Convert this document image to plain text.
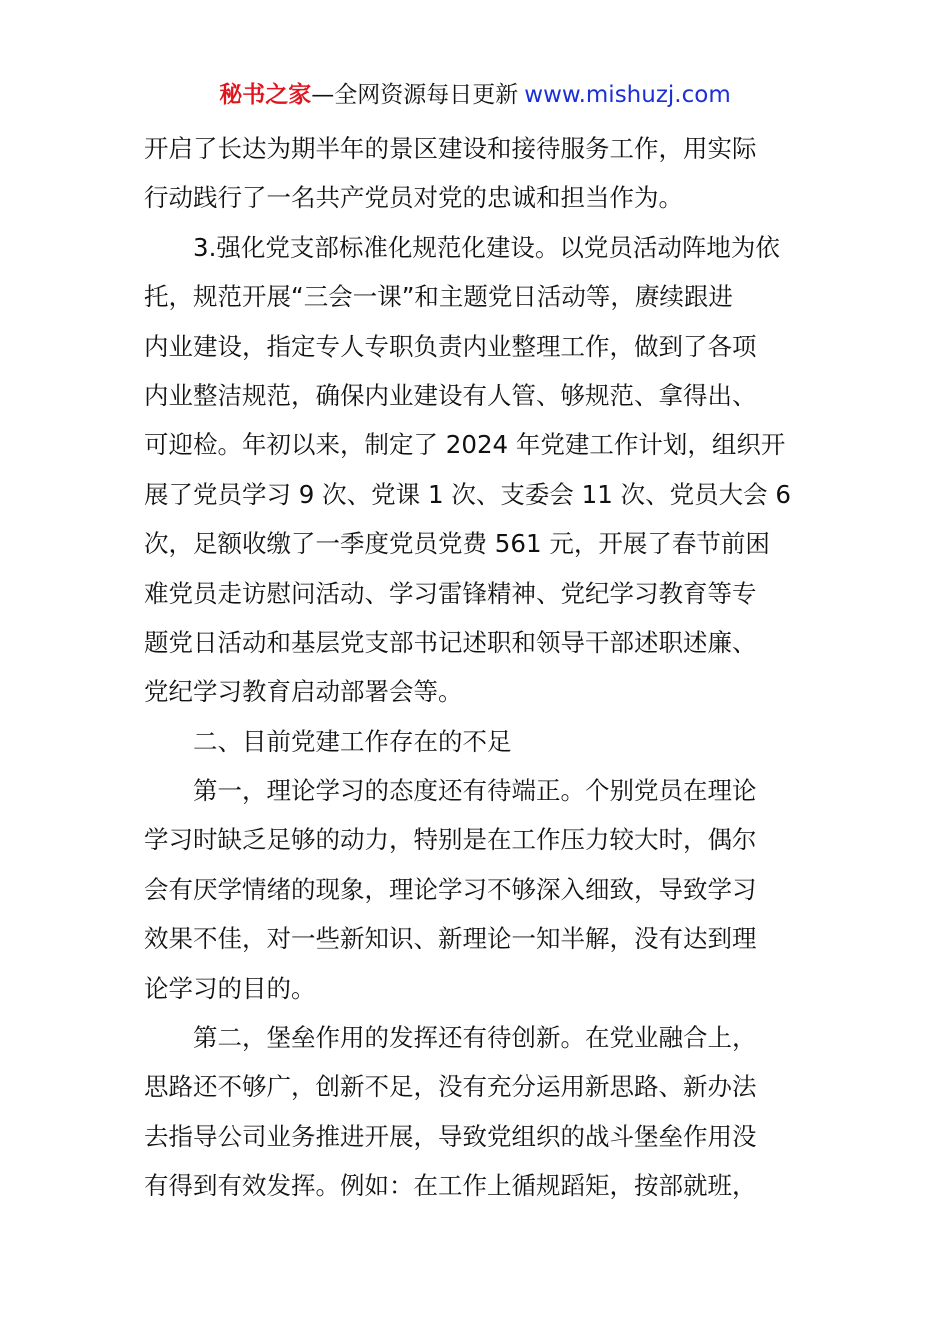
秘书之家—全网资源每日更新 www.mishuzj.com
开启了长达为期半年的景区建设和接待服务工作，用实际
行动践行了一名共产党员对党的忠诚和担当作为。
3.强化党支部标准化规范化建设。以党员活动阵地为依
托，规范开展“三会一课”和主题党日活动等，赓续跟进
内业建设，指定专人专职负责内业整理工作，做到了各项
内业整洁规范，确保内业建设有人管、够规范、拿得出、
可迎检。年初以来，制定了 2024 年党建工作计划，组织开
展了党员学习 9 次、党课 1 次、支委会 11 次、党员大会 6
次，足额收缴了一季度党员党费 561 元，开展了春节前困
难党员走访慰问活动、学习雷锋精神、党纪学习教育等专
题党日活动和基层党支部书记述职和领导干部述职述廉、
党纪学习教育启动部署会等。
二、目前党建工作存在的不足
第一，理论学习的态度还有待端正。个别党员在理论
学习时缺乏足够的动力，特别是在工作压力较大时，偶尔
会有厌学情绪的现象，理论学习不够深入细致，导致学习
效果不佳，对一些新知识、新理论一知半解，没有达到理
论学习的目的。
第二，堡垒作用的发挥还有待创新。在党业融合上，
思路还不够广，创新不足，没有充分运用新思路、新办法
去指导公司业务推进开展，导致党组织的战斗堡垒作用没
有得到有效发挥。例如：在工作上循规蹈矩，按部就班，
